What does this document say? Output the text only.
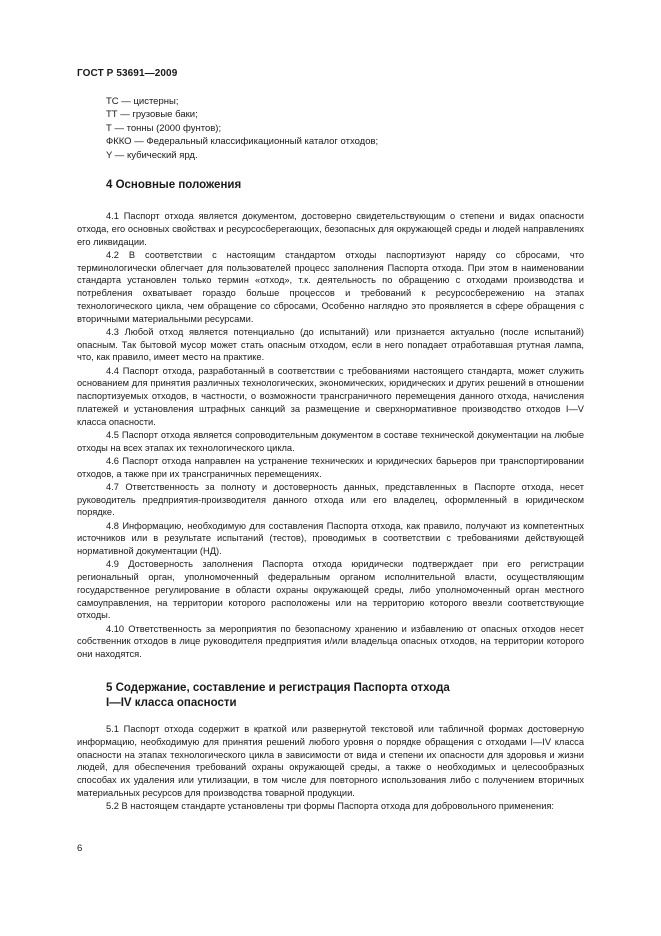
ГОСТ Р 53691—2009
ТС — цистерны;
ТТ — грузовые баки;
Т — тонны (2000 фунтов);
ФККО — Федеральный классификационный каталог отходов;
Y — кубический ярд.
4 Основные положения

4.1 Паспорт отхода является документом, достоверно свидетельствующим о степени и видах опасности отхода, его основных свойствах и ресурсосберегающих, безопасных для окружающей среды и людей направлениях его ликвидации.

4.2 В соответствии с настоящим стандартом отходы паспортизуют наряду со сбросами, что терминологически облегчает для пользователей процесс заполнения Паспорта отхода. При этом в наименовании стандарта установлен только термин «отход», т.к. деятельность по обращению с отходами производства и потребления охватывает гораздо больше процессов и требований к ресурсосбережению на этапах технологического цикла, чем обращение со сбросами, Особенно наглядно это проявляется в сфере обращения с вторичными материальными ресурсами.

4.3 Любой отход является потенциально (до испытаний) или признается актуально (после испытаний) опасным. Так бытовой мусор может стать опасным отходом, если в него попадает отработавшая ртутная лампа, что, как правило, имеет место на практике.

4.4 Паспорт отхода, разработанный в соответствии с требованиями настоящего стандарта, может служить основанием для принятия различных технологических, экономических, юридических и других решений в отношении паспортизуемых отходов, в частности, о возможности трансграничного перемещения данного отхода, начисления платежей и установления штрафных санкций за размещение и сверхнормативное производство отходов I—V класса опасности.

4.5 Паспорт отхода является сопроводительным документом в составе технической документации на любые отходы на всех этапах их технологического цикла.

4.6 Паспорт отхода направлен на устранение технических и юридических барьеров при транспортировании отходов, а также при их трансграничных перемещениях.

4.7 Ответственность за полноту и достоверность данных, представленных в Паспорте отхода, несет руководитель предприятия-производителя данного отхода или его владелец, оформленный в юридическом порядке.

4.8 Информацию, необходимую для составления Паспорта отхода, как правило, получают из компетентных источников или в результате испытаний (тестов), проводимых в соответствии с требованиями действующей нормативной документации (НД).

4.9 Достоверность заполнения Паспорта отхода юридически подтверждает при его регистрации региональный орган, уполномоченный федеральным органом исполнительной власти, осуществляющим государственное регулирование в области охраны окружающей среды, либо уполномоченный орган местного самоуправления, на территории которого расположены или на территорию которого ввезли соответствующие отходы.

4.10 Ответственность за мероприятия по безопасному хранению и избавлению от опасных отходов несет собственник отходов в лице руководителя предприятия и/или владельца опасных отходов, на территории которого они находятся.

5 Содержание, составление и регистрация Паспорта отхода
I—IV класса опасности

5.1 Паспорт отхода содержит в краткой или развернутой текстовой или табличной формах достоверную информацию, необходимую для принятия решений любого уровня о порядке обращения с отходами I—IV класса опасности на этапах технологического цикла в зависимости от вида и степени их опасности для здоровья и жизни людей, для обеспечения требований охраны окружающей среды, а также о необходимых и целесообразных способах их удаления или утилизации, в том числе для повторного использования либо с получением вторичных материальных ресурсов для производства товарной продукции.

5.2 В настоящем стандарте установлены три формы Паспорта отхода для добровольного применения:

6
